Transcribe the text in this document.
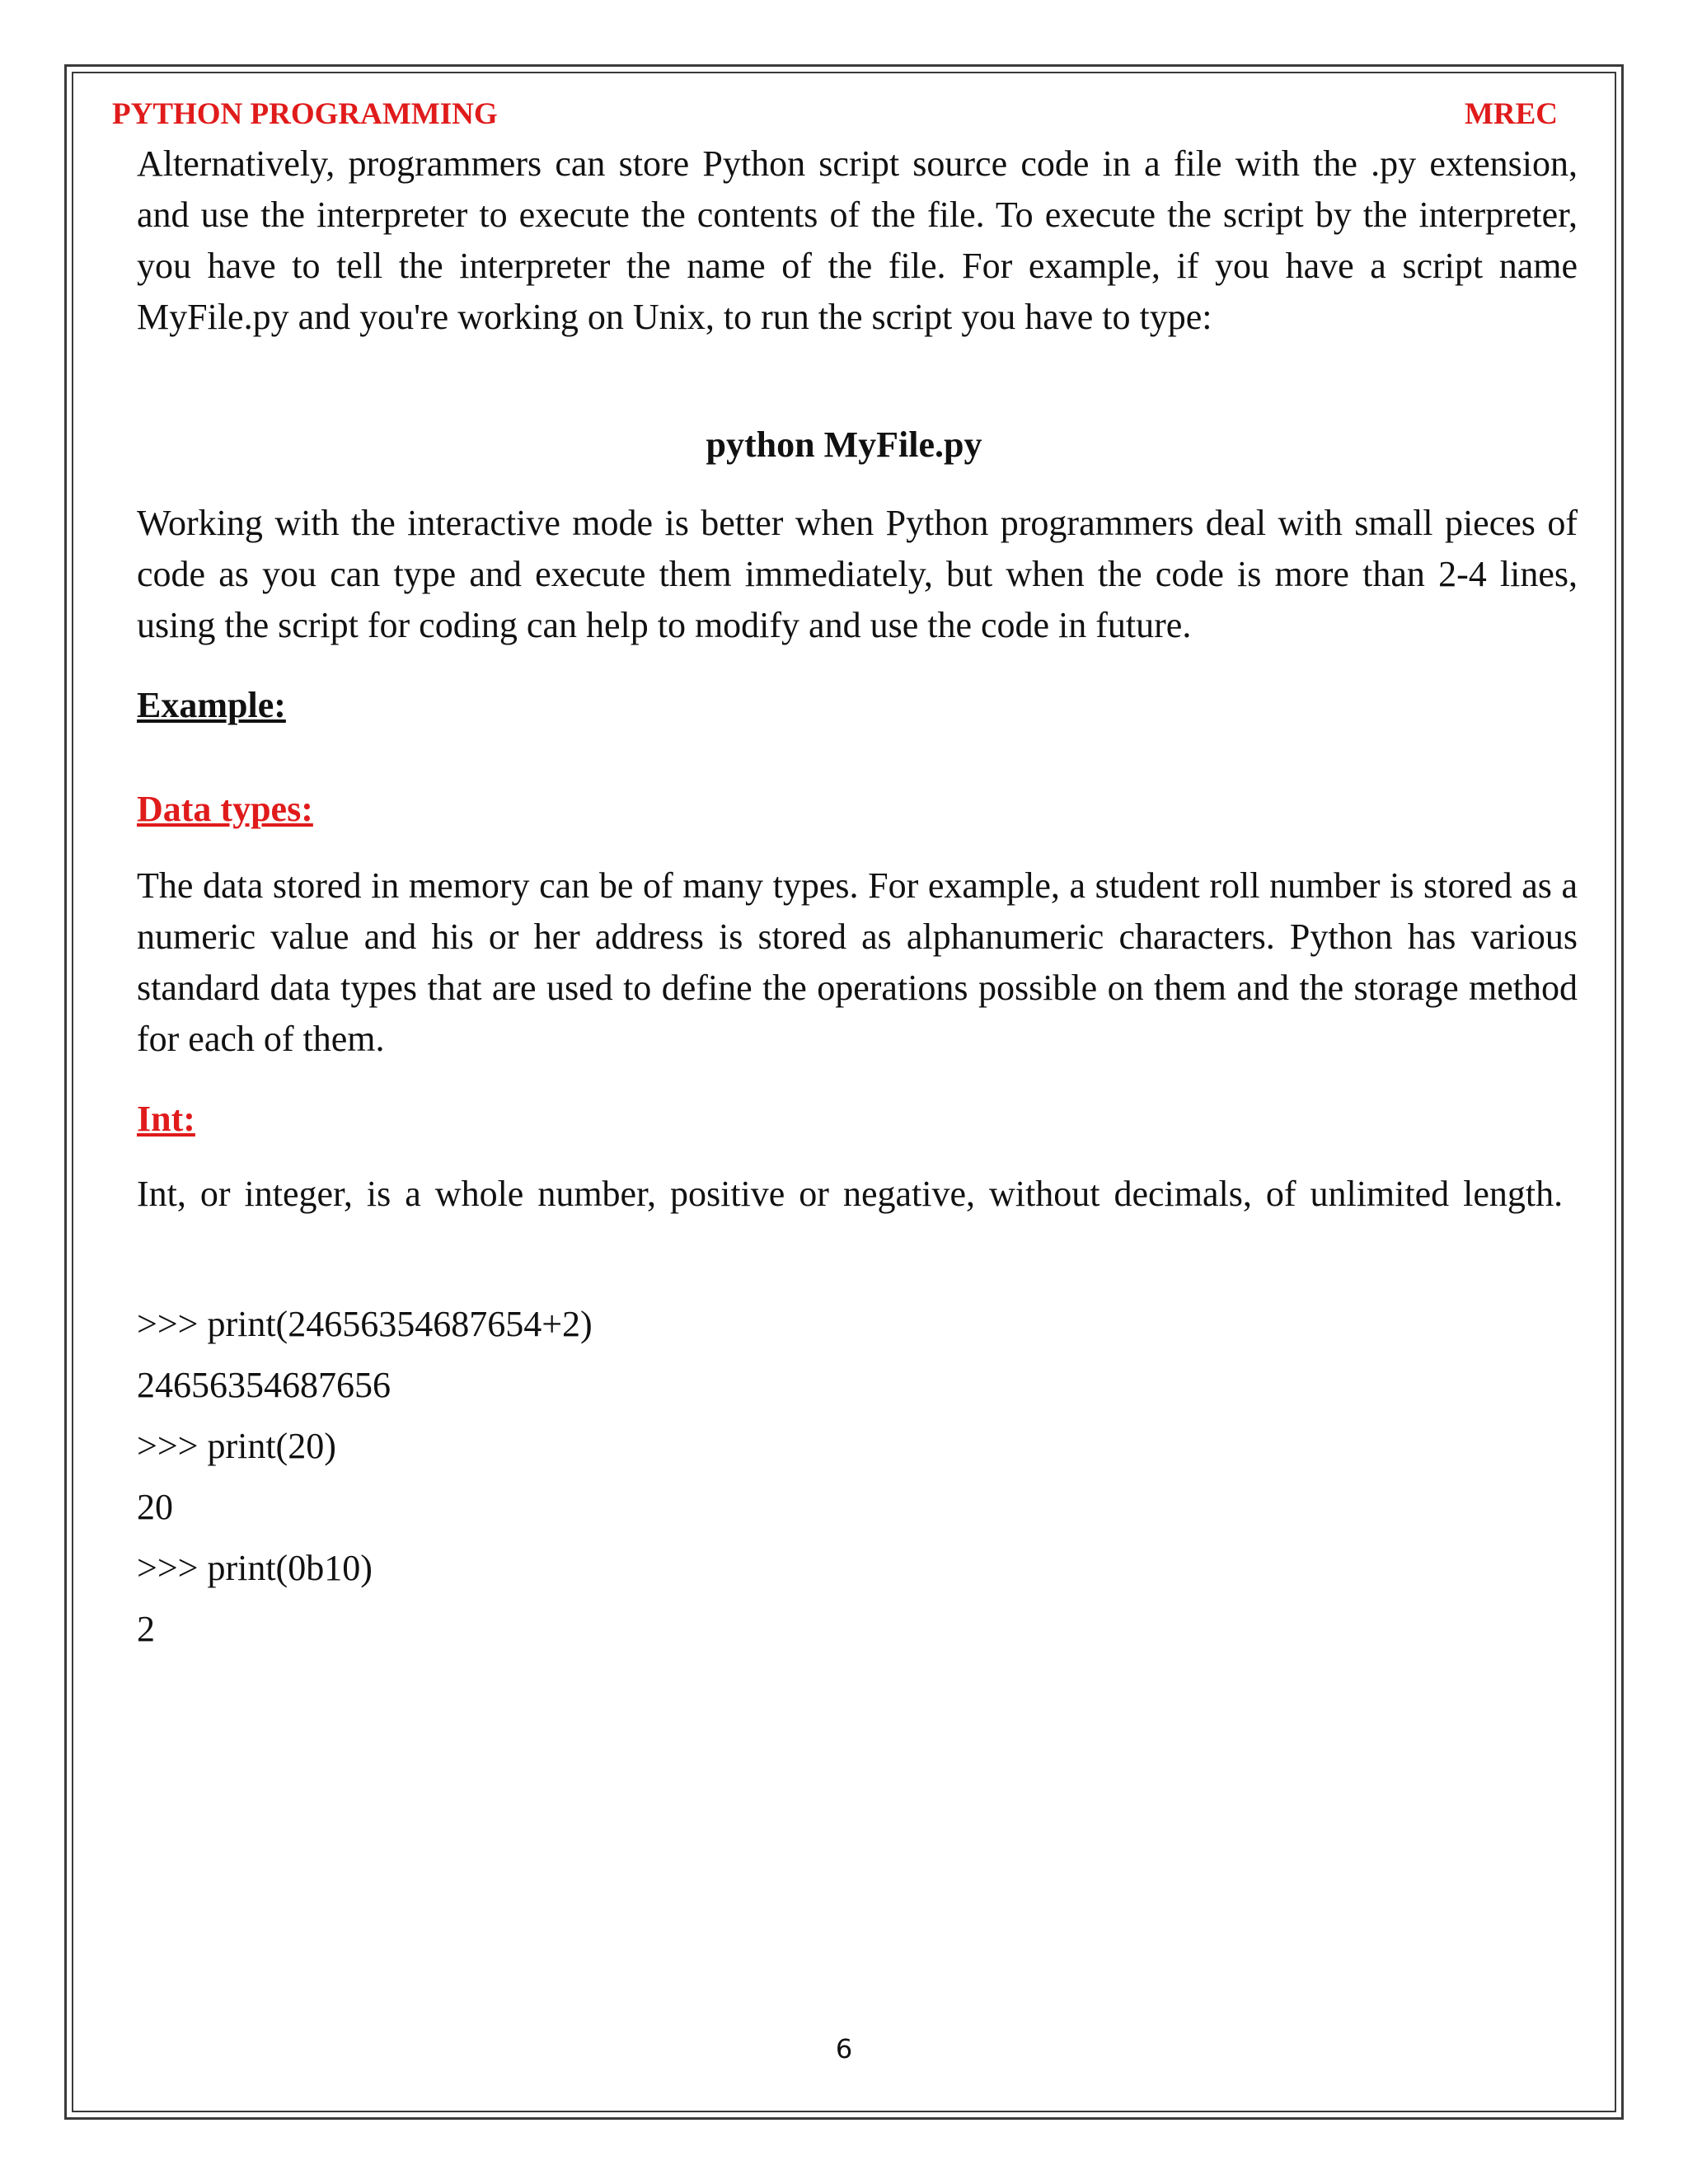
PYTHON PROGRAMMING	MREC

Alternatively, programmers can store Python script source code in a file with the .py extension, and use the interpreter to execute the contents of the file. To execute the script by the interpreter, you have to tell the interpreter the name of the file. For example, if you have a script name MyFile.py and you're working on Unix, to run the script you have to type:

python MyFile.py

Working with the interactive mode is better when Python programmers deal with small pieces of code as you can type and execute them immediately, but when the code is more than 2-4 lines, using the script for coding can help to modify and use the code in future.

Example:
Data types:

The data stored in memory can be of many types. For example, a student roll number is stored as a numeric value and his or her address is stored as alphanumeric characters. Python has various standard data types that are used to define the operations possible on them and the storage method for each of them.

Int:

Int, or integer, is a whole number, positive or negative, without decimals, of unlimited length.

>>> print(24656354687654+2)
24656354687656
>>> print(20)
20
>>> print(0b10)
2
6
